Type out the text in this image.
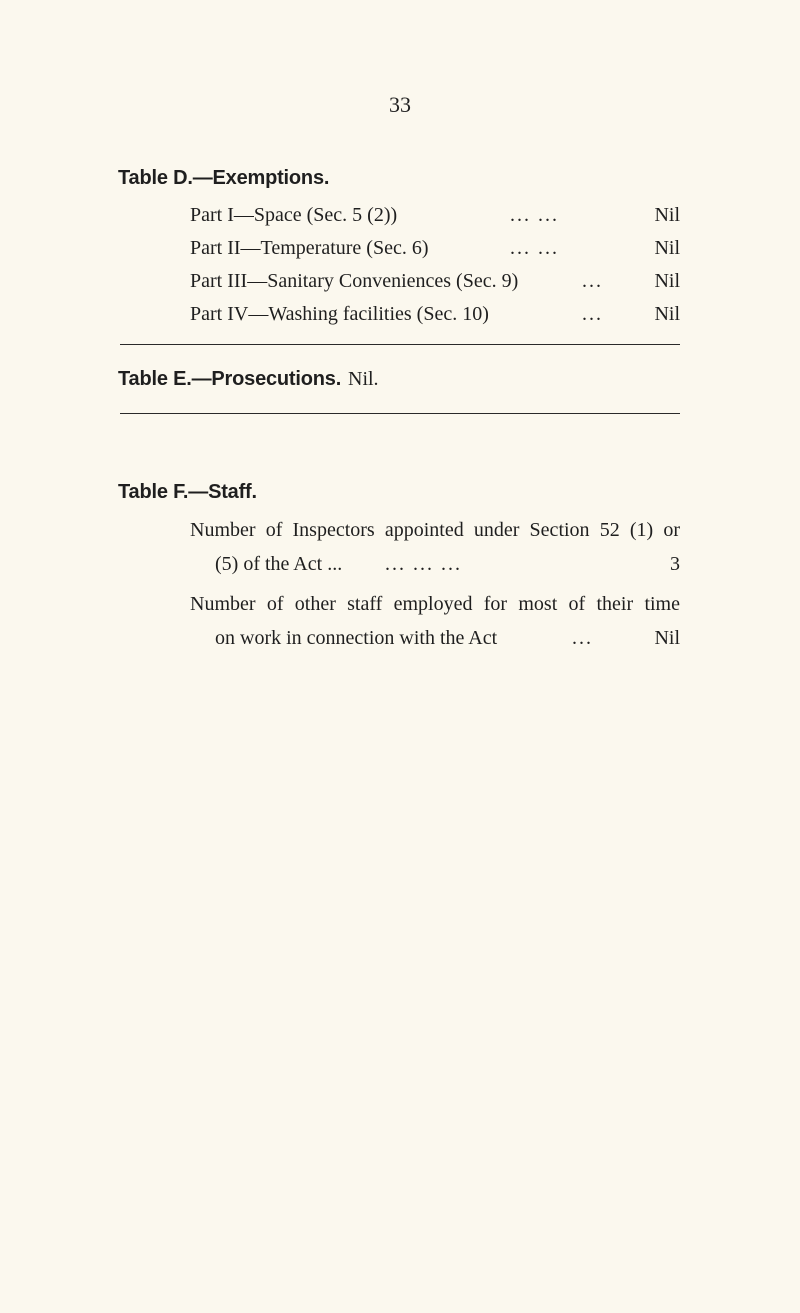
33
Table D.—Exemptions.
Part I—Space (Sec. 5 (2))	... ...	Nil
Part II—Temperature (Sec. 6)	... ...	Nil
Part III—Sanitary Conveniences (Sec. 9)	...	Nil
Part IV—Washing facilities (Sec. 10)	...	Nil
Table E.—Prosecutions. Nil.
Table F.—Staff.
Number of Inspectors appointed under Section 52 (1) or
(5) of the Act ... ... ... ...	3
Number of other staff employed for most of their time
on work in connection with the Act	...	Nil
